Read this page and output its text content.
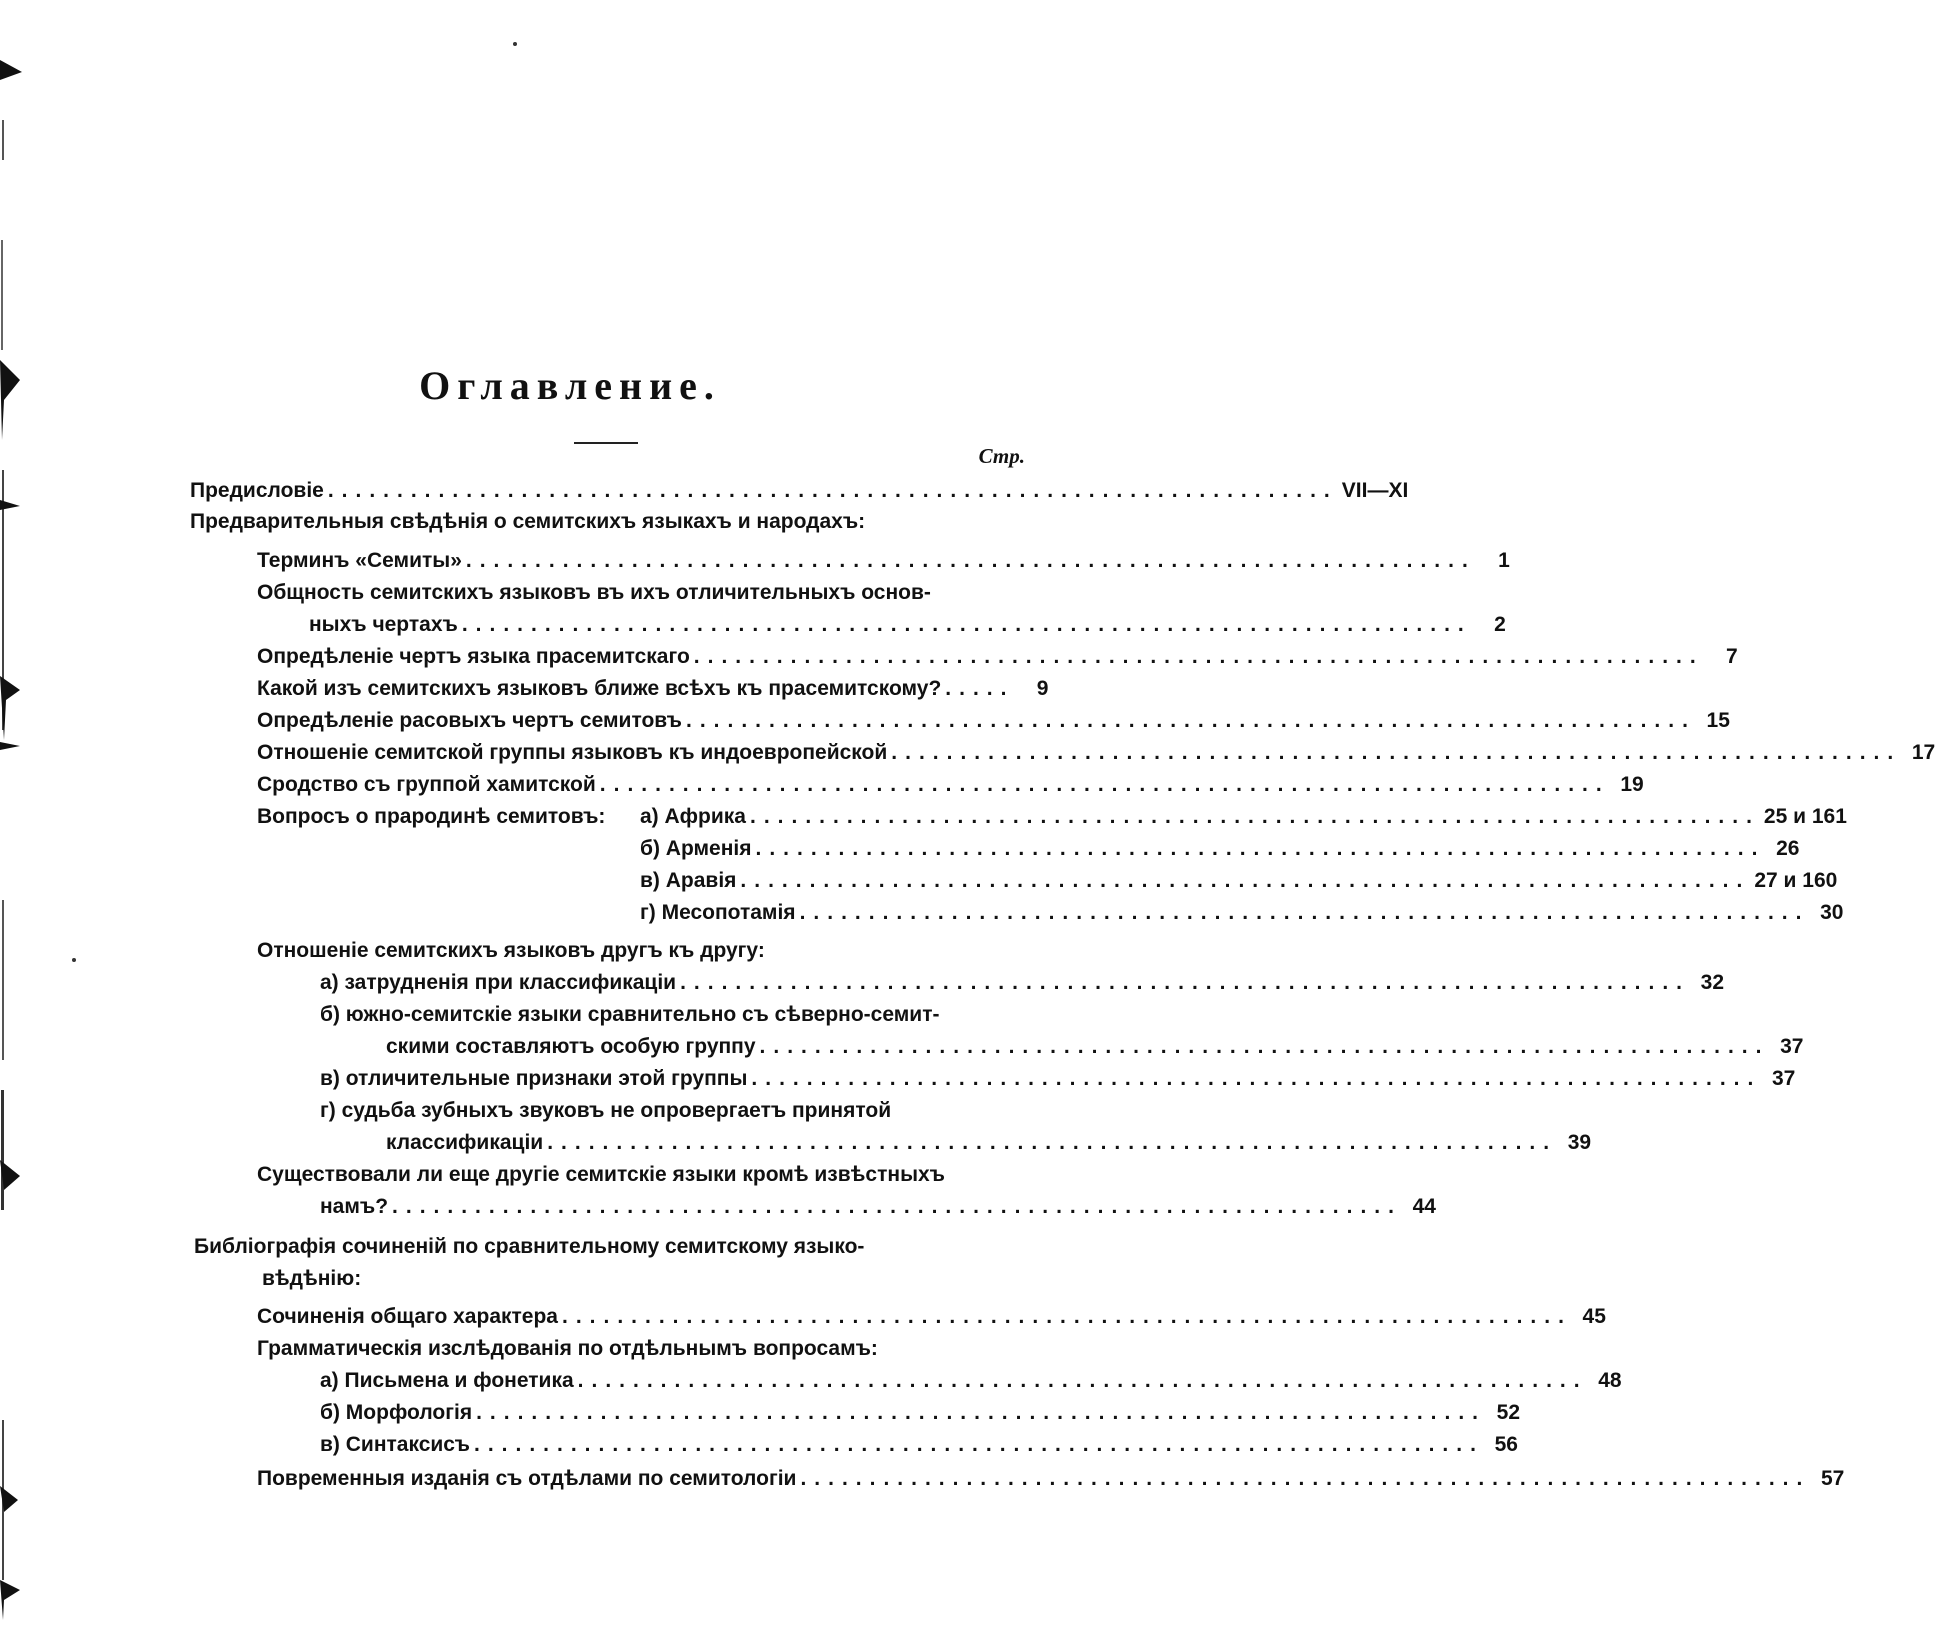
Оглавление.
Стр.
Предисловіе ......................................................................... VII—XI
Предварительныя свѣдѣнія о семитскихъ языкахъ и народахъ:
Терминъ «Семиты» .........................................................................	1
Общность семитскихъ языковъ въ ихъ отличительныхъ основ-
ныхъ чертахъ .........................................................................	2
Опредѣленіе чертъ языка прасемитскаго .........................................................................	7
Какой изъ семитскихъ языковъ ближе всѣхъ къ прасемитскому? .....	9
Опредѣленіе расовыхъ чертъ семитовъ ......................................................................... 15
Отношеніе семитской группы языковъ къ индоевропейской ......................................................................... 17
Сродство съ группой хамитской ......................................................................... 19
Вопросъ о прародинѣ семитовъ: а) Африка ......................................................................... 25 и 161
б) Арменія ......................................................................... 26
в) Аравія ......................................................................... 27 и 160
г) Месопотамія ......................................................................... 30
Отношеніе семитскихъ языковъ другъ къ другу:
а) затрудненія при классификаціи ......................................................................... 32
б) южно-семитскіе языки сравнительно съ сѣверно-семит-
скими составляютъ особую группу ......................................................................... 37
в) отличительные признаки этой группы ......................................................................... 37
г) судьба зубныхъ звуковъ не опровергаетъ принятой
классификаціи ......................................................................... 39
Существовали ли еще другіе семитскіе языки кромѣ извѣстныхъ
намъ? ......................................................................... 44
Библіографія сочиненій по сравнительному семитскому языко-
вѣдѣнію:
Сочиненія общаго характера ......................................................................... 45
Грамматическія изслѣдованія по отдѣльнымъ вопросамъ:
а) Письмена и фонетика ......................................................................... 48
б) Морфологія ......................................................................... 52
в) Синтаксисъ ......................................................................... 56
Повременныя изданія съ отдѣлами по семитологіи ......................................................................... 57
